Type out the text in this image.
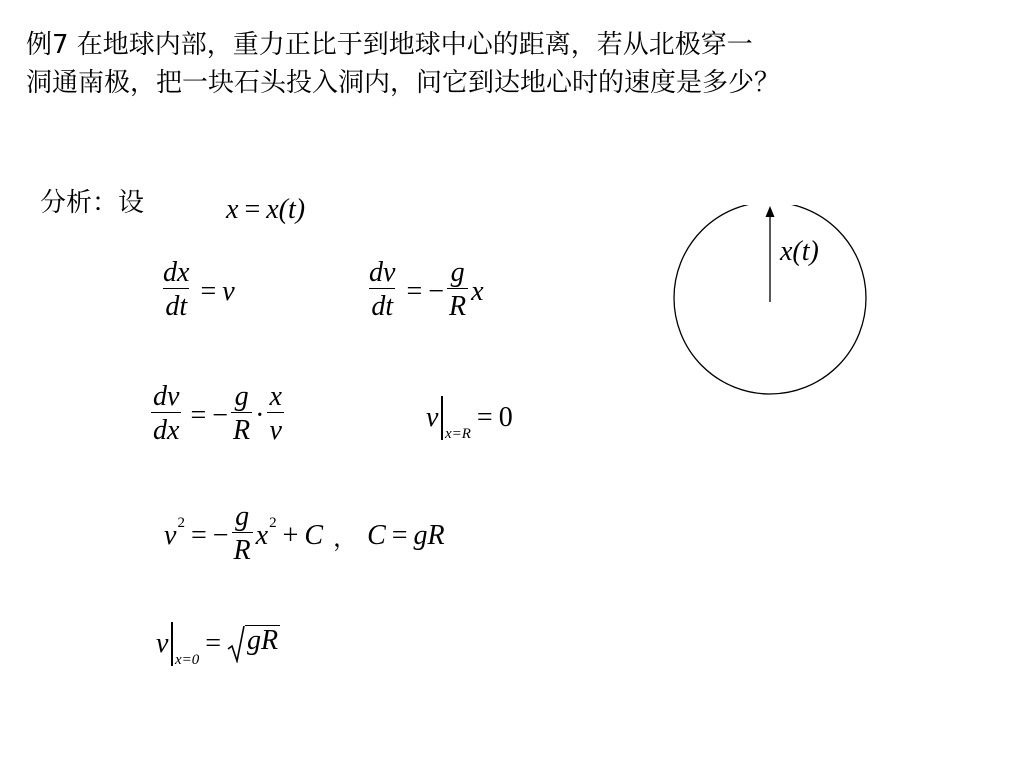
例7 在地球内部，重力正比于到地球中心的距离，若从北极穿一
洞通南极，把一块石头投入洞内，问它到达地心时的速度是多少？
分析：设	x = x(t)
$\frac{dx}{dt} = v$	$\frac{dv}{dt}$ = − $\frac{g}{R}$ x
$\frac{dv}{dx}$ = − $\frac{g}{R} \cdot \frac{x}{v}$	v
x=R
= 0
v 2 = − $\frac{g}{R}$ x 2 + C ， C = gR
v
x=0
= gR
x(t)
